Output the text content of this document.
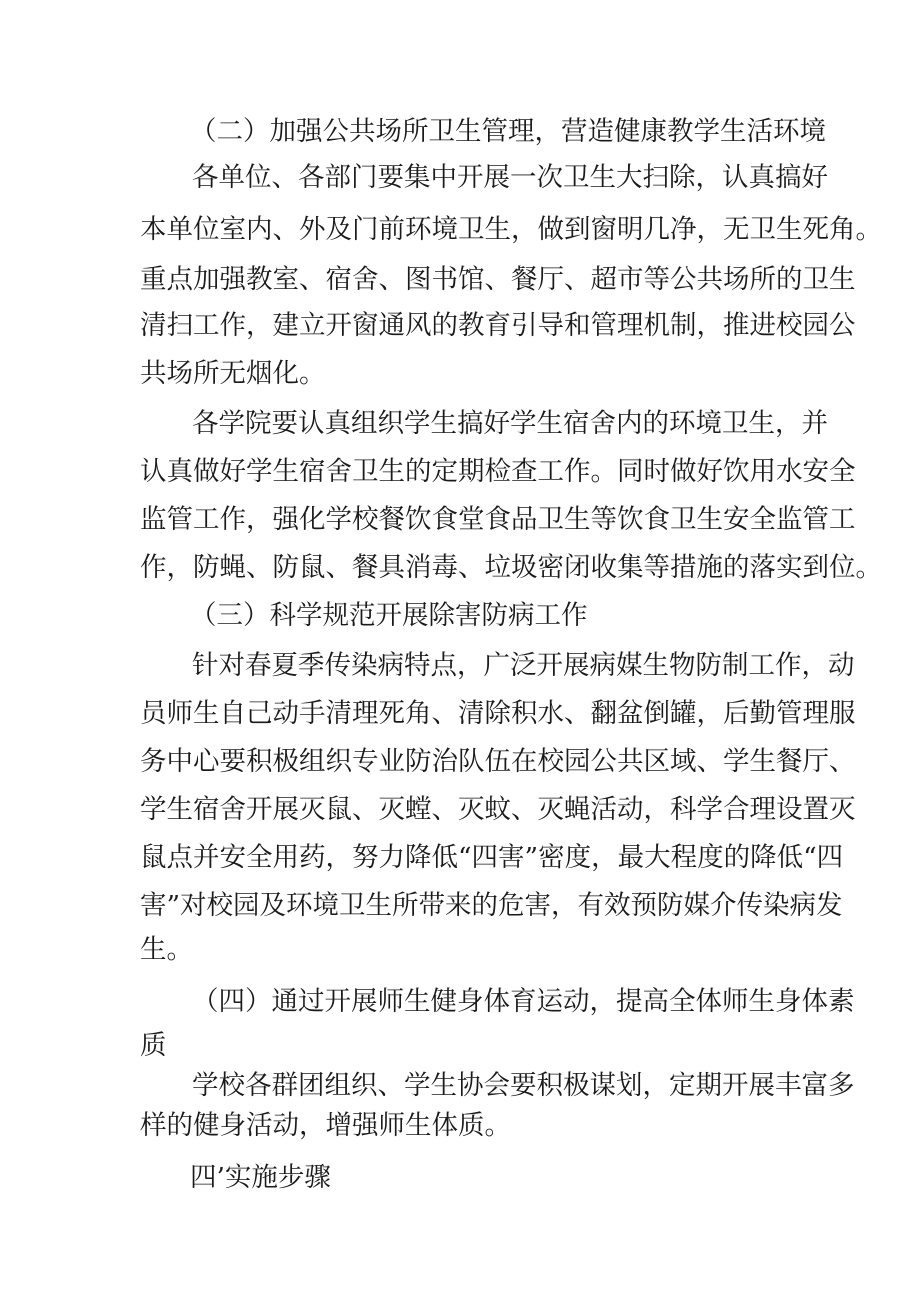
（二）加强公共场所卫生管理，营造健康教学生活环境
各单位、各部门要集中开展一次卫生大扫除，认真搞好
本单位室内、外及门前环境卫生，做到窗明几净，无卫生死角。
重点加强教室、宿舍、图书馆、餐厅、超市等公共场所的卫生
清扫工作，建立开窗通风的教育引导和管理机制，推进校园公
共场所无烟化。
各学院要认真组织学生搞好学生宿舍内的环境卫生，并
认真做好学生宿舍卫生的定期检查工作。同时做好饮用水安全
监管工作，强化学校餐饮食堂食品卫生等饮食卫生安全监管工
作，防蝇、防鼠、餐具消毒、垃圾密闭收集等措施的落实到位。
（三）科学规范开展除害防病工作
针对春夏季传染病特点，广泛开展病媒生物防制工作，动
员师生自己动手清理死角、清除积水、翻盆倒罐，后勤管理服
务中心要积极组织专业防治队伍在校园公共区域、学生餐厅、
学生宿舍开展灭鼠、灭螳、灭蚊、灭蝇活动，科学合理设置灭
鼠点并安全用药，努力降低“四害”密度，最大程度的降低“四
害”对校园及环境卫生所带来的危害，有效预防媒介传染病发
生。
（四）通过开展师生健身体育运动，提高全体师生身体素
质
学校各群团组织、学生协会要积极谋划，定期开展丰富多
样的健身活动，增强师生体质。
四’实施步骤
